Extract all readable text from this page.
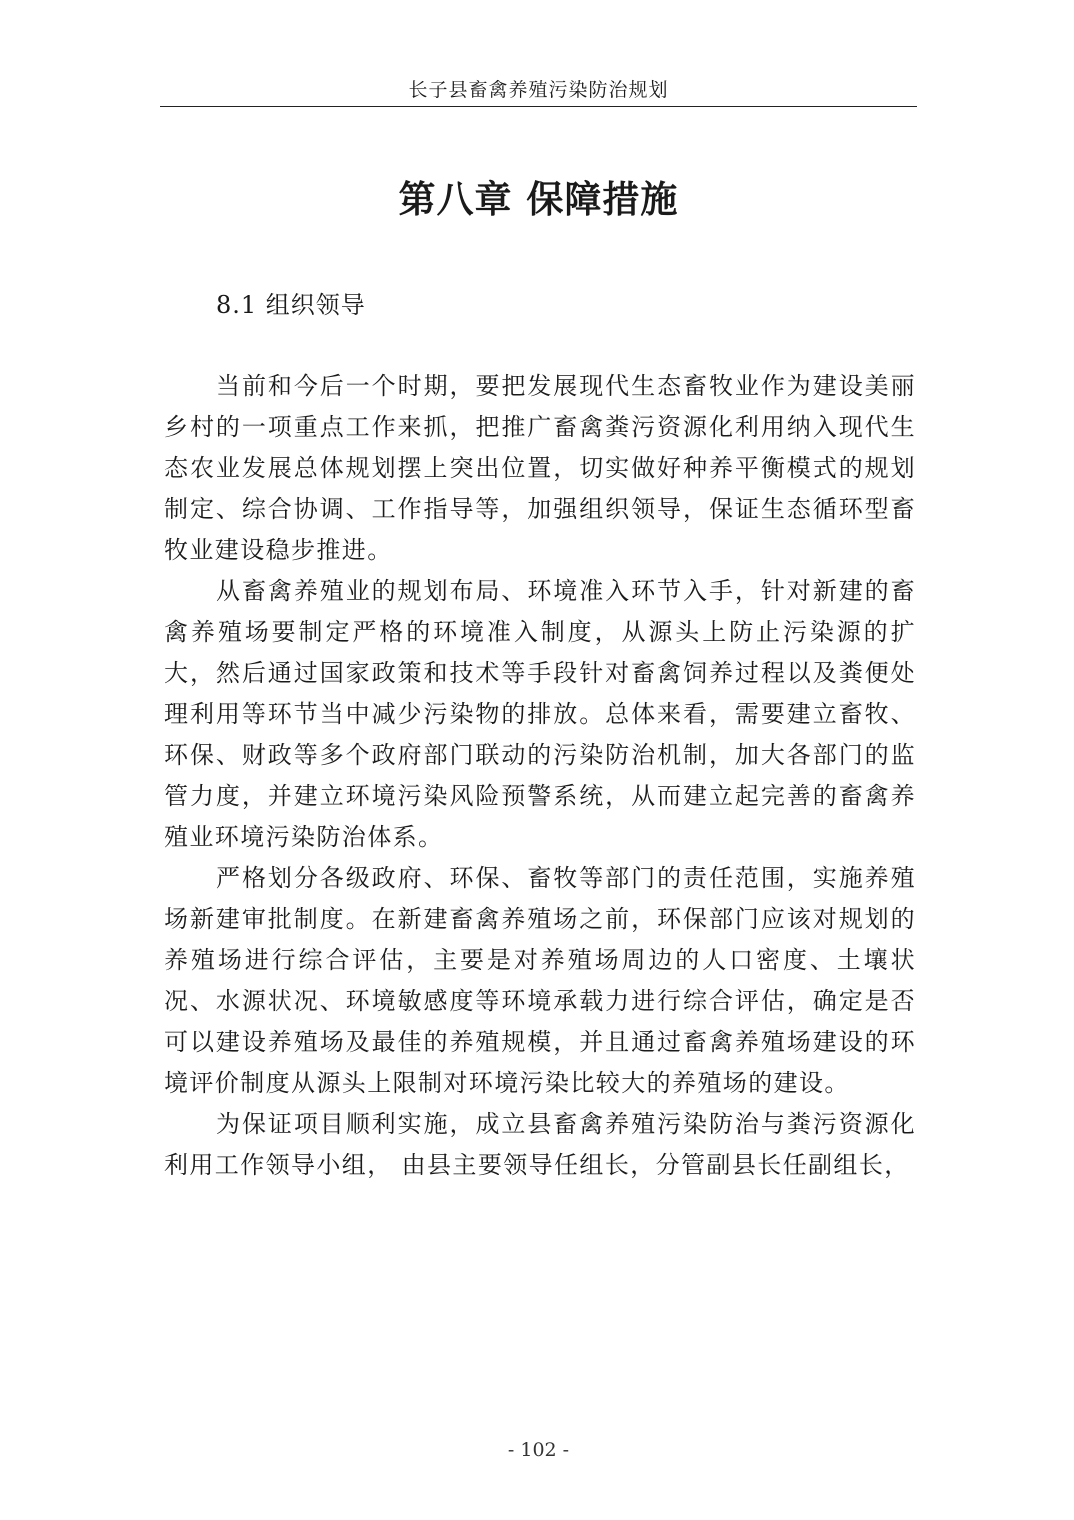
长子县畜禽养殖污染防治规划
第八章 保障措施
8.1 组织领导

当前和今后一个时期，要把发展现代生态畜牧业作为建设美丽乡村的一项重点工作来抓，把推广畜禽粪污资源化利用纳入现代生态农业发展总体规划摆上突出位置，切实做好种养平衡模式的规划制定、综合协调、工作指导等，加强组织领导，保证生态循环型畜牧业建设稳步推进。

从畜禽养殖业的规划布局、环境准入环节入手，针对新建的畜禽养殖场要制定严格的环境准入制度，从源头上防止污染源的扩大，然后通过国家政策和技术等手段针对畜禽饲养过程以及粪便处理利用等环节当中减少污染物的排放。总体来看，需要建立畜牧、环保、财政等多个政府部门联动的污染防治机制，加大各部门的监管力度，并建立环境污染风险预警系统，从而建立起完善的畜禽养殖业环境污染防治体系。

严格划分各级政府、环保、畜牧等部门的责任范围，实施养殖场新建审批制度。在新建畜禽养殖场之前，环保部门应该对规划的养殖场进行综合评估，主要是对养殖场周边的人口密度、土壤状况、水源状况、环境敏感度等环境承载力进行综合评估，确定是否可以建设养殖场及最佳的养殖规模，并且通过畜禽养殖场建设的环境评价制度从源头上限制对环境污染比较大的养殖场的建设。

为保证项目顺利实施，成立县畜禽养殖污染防治与粪污资源化利用工作领导小组， 由县主要领导任组长，分管副县长任副组长，

- 102 -
